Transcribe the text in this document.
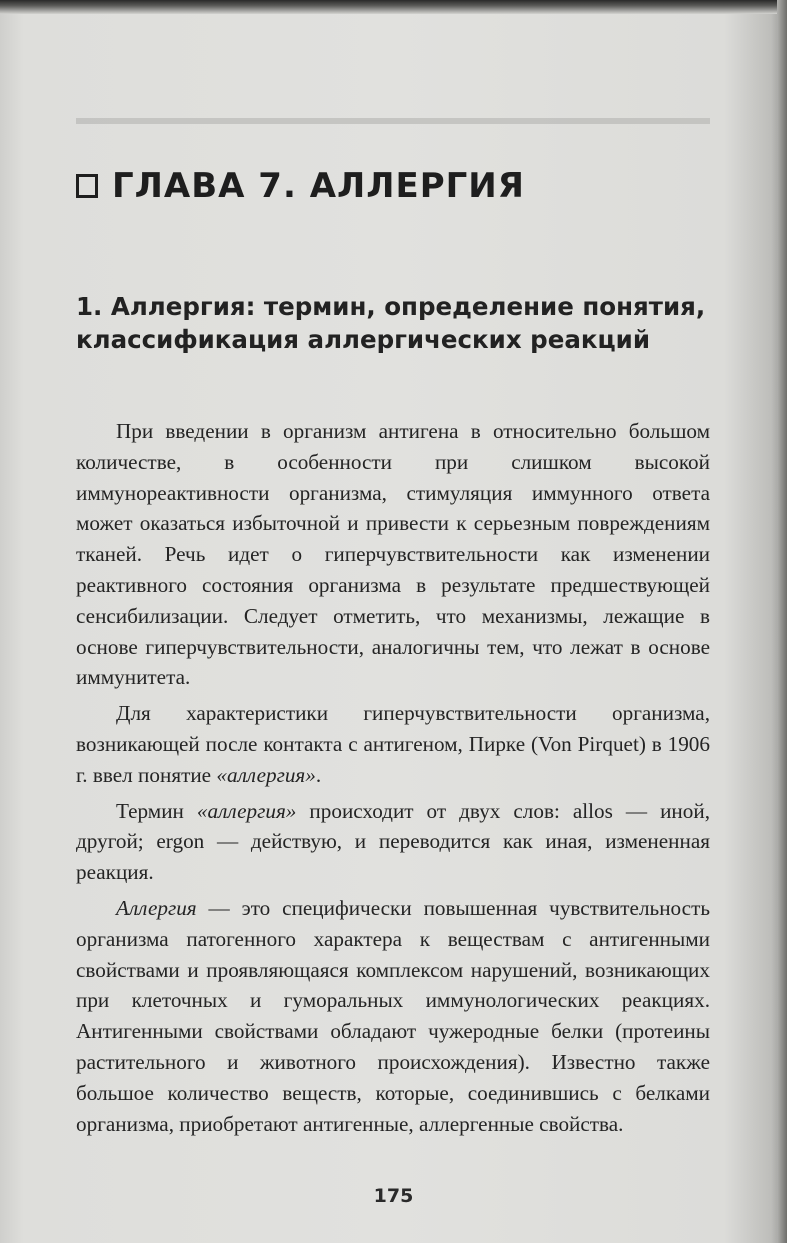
ГЛАВА 7. АЛЛЕРГИЯ
1. Аллергия: термин, определение понятия, классификация аллергических реакций

При введении в организм антигена в относительно большом количестве, в особенности при слишком высокой иммунореактивности организма, стимуляция иммунного ответа может оказаться избыточной и привести к серьезным повреждениям тканей. Речь идет о гиперчувствительности как изменении реактивного состояния организма в результате предшествующей сенсибилизации. Следует отметить, что механизмы, лежащие в основе гиперчувствительности, аналогичны тем, что лежат в основе иммунитета.

Для характеристики гиперчувствительности организма, возникающей после контакта с антигеном, Пирке (Von Pirquet) в 1906 г. ввел понятие «аллергия».

Термин «аллергия» происходит от двух слов: allos — иной, другой; ergon — действую, и переводится как иная, измененная реакция.

Аллергия — это специфически повышенная чувствительность организма патогенного характера к веществам с антигенными свойствами и проявляющаяся комплексом нарушений, возникающих при клеточных и гуморальных иммунологических реакциях. Антигенными свойствами обладают чужеродные белки (протеины растительного и животного происхождения). Известно также большое количество веществ, которые, соединившись с белками организма, приобретают антигенные, аллергенные свойства.

175
